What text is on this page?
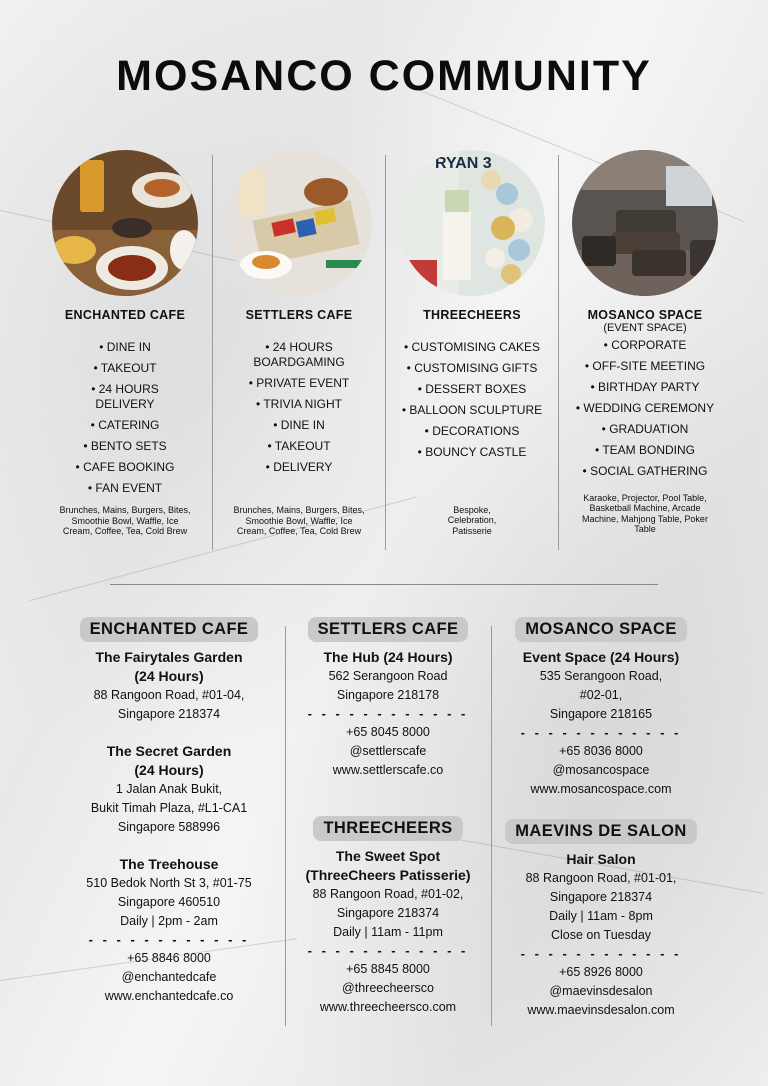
MOSANCO COMMUNITY
ENCHANTED CAFE
• DINE IN
• TAKEOUT
• 24 HOURS DELIVERY
• CATERING
• BENTO SETS
• CAFE BOOKING
• FAN EVENT
Brunches, Mains, Burgers, Bites, Smoothie Bowl, Waffle, Ice Cream, Coffee, Tea, Cold Brew
SETTLERS CAFE
• 24 HOURS BOARDGAMING
• PRIVATE EVENT
• TRIVIA NIGHT
• DINE IN
• TAKEOUT
• DELIVERY
Brunches, Mains, Burgers, Bites, Smoothie Bowl, Waffle, Ice Cream, Coffee, Tea, Cold Brew
RYAN 3
THREECHEERS
• CUSTOMISING CAKES
• CUSTOMISING GIFTS
• DESSERT BOXES
• BALLOON SCULPTURE
• DECORATIONS
• BOUNCY CASTLE
Bespoke, Celebration, Patisserie
MOSANCO SPACE
(EVENT SPACE)
• CORPORATE
• OFF-SITE MEETING
• BIRTHDAY PARTY
• WEDDING CEREMONY
• GRADUATION
• TEAM BONDING
• SOCIAL GATHERING
Karaoke, Projector, Pool Table, Basketball Machine, Arcade Machine, Mahjong Table, Poker Table
ENCHANTED CAFE
The Fairytales Garden (24 Hours)
88 Rangoon Road, #01-04,
Singapore 218374
The Secret Garden (24 Hours)
1 Jalan Anak Bukit,
Bukit Timah Plaza, #L1-CA1
Singapore 588996
The Treehouse
510 Bedok North St 3, #01-75
Singapore 460510
Daily | 2pm - 2am
- - - - - - - - - - - -
+65 8846 8000
@enchantedcafe
www.enchantedcafe.co
SETTLERS CAFE
The Hub (24 Hours)
562 Serangoon Road
Singapore 218178
- - - - - - - - - - - -
+65 8045 8000
@settlerscafe
www.settlerscafe.co
THREECHEERS
The Sweet Spot (ThreeCheers Patisserie)
88 Rangoon Road, #01-02,
Singapore 218374
Daily | 11am - 11pm
- - - - - - - - - - - -
+65 8845 8000
@threecheersco
www.threecheersco.com
MOSANCO SPACE
Event Space (24 Hours)
535 Serangoon Road,
#02-01,
Singapore 218165
- - - - - - - - - - - -
+65 8036 8000
@mosancospace
www.mosancospace.com
MAEVINS DE SALON
Hair Salon
88 Rangoon Road, #01-01,
Singapore 218374
Daily | 11am - 8pm
Close on Tuesday
- - - - - - - - - - - -
+65 8926 8000
@maevinsdesalon
www.maevinsdesalon.com
